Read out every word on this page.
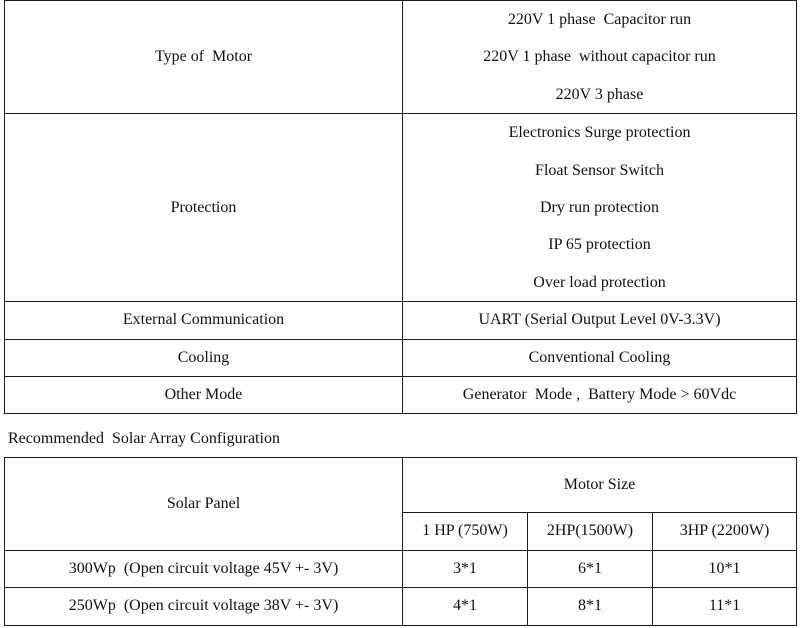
Type of  Motor	220V 1 phase  Capacitor run
220V 1 phase  without capacitor run
220V 3 phase

Protection	Electronics Surge protection
Float Sensor Switch
Dry run protection
IP 65 protection
Over load protection

External Communication	UART (Serial Output Level 0V-3.3V)
Cooling	Conventional Cooling
Other Mode	Generator  Mode ,  Battery Mode > 60Vdc
Recommended  Solar Array Configuration
Solar Panel	Motor Size		
	1 HP (750W)	2HP(1500W)	3HP (2200W)
300Wp  (Open circuit voltage 45V +- 3V)	3*1	6*1	10*1
250Wp  (Open circuit voltage 38V +- 3V)	4*1	8*1	11*1
